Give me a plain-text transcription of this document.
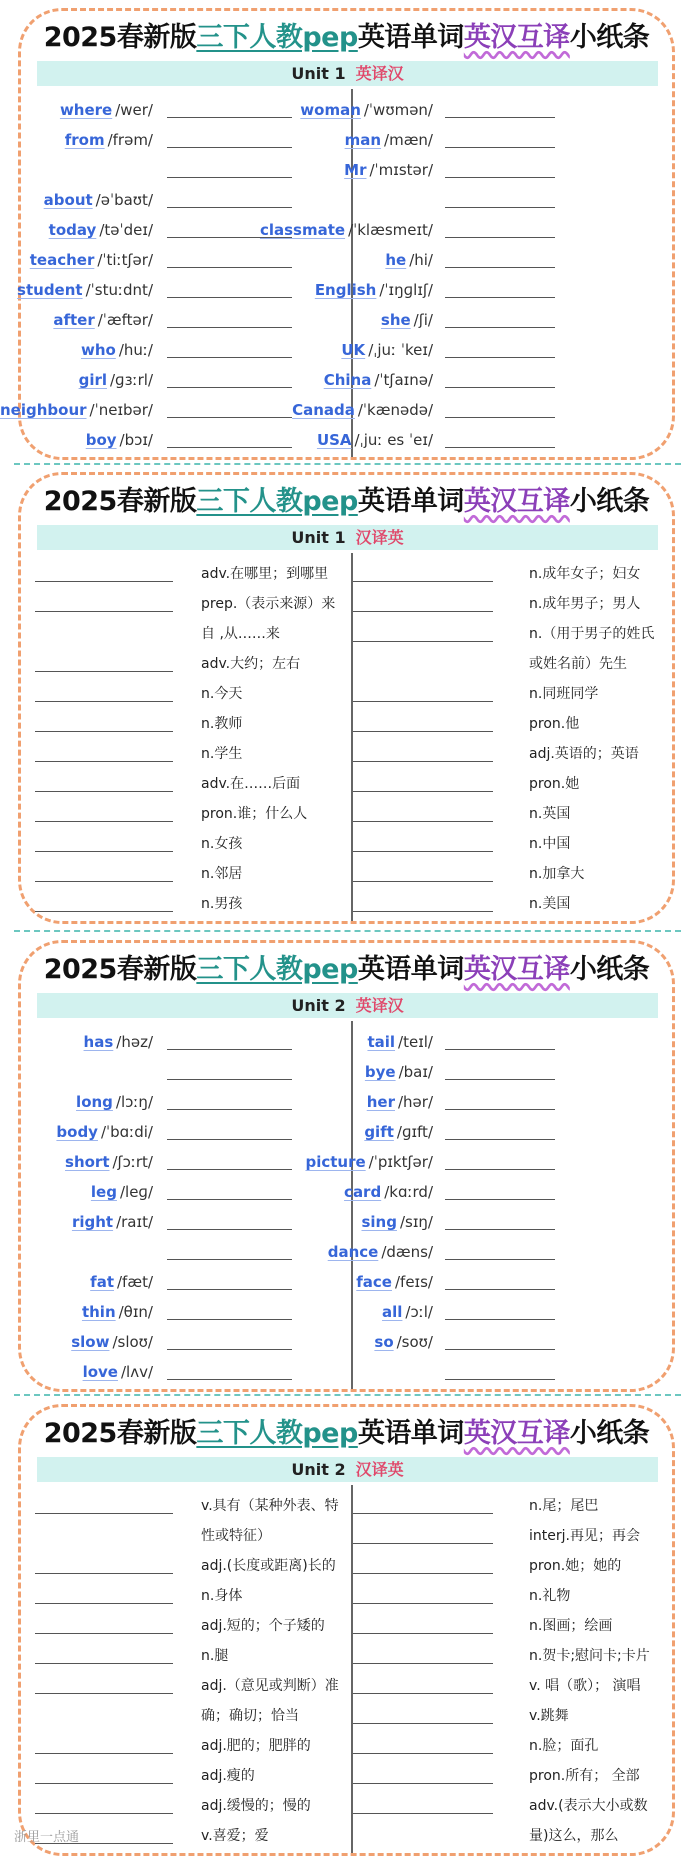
2025春新版三下人教pep英语单词英汉互译小纸条
Unit 1 英译汉
where /wer/
from /frəm/
about /əˈbaʊt/
today /təˈdeɪ/
teacher /ˈtiːtʃər/
student /ˈstuːdnt/
after /ˈæftər/
who /huː/
girl /ɡɜːrl/
neighbour /ˈneɪbər/
boy /bɔɪ/
woman /ˈwʊmən/
man /mæn/
Mr /ˈmɪstər/
classmate /ˈklæsmeɪt/
he /hi/
English /ˈɪŋɡlɪʃ/
she /ʃi/
UK /ˌjuː ˈkeɪ/
China /ˈtʃaɪnə/
Canada /ˈkænədə/
USA /ˌjuː es ˈeɪ/
2025春新版三下人教pep英语单词英汉互译小纸条
Unit 1 汉译英
adv.在哪里；到哪里
prep.（表示来源）来
自 ,从……来
adv.大约；左右
n.今天
n.教师
n.学生
adv.在……后面
pron.谁；什么人
n.女孩
n.邻居
n.男孩
n.成年女子；妇女
n.成年男子；男人
n.（用于男子的姓氏
或姓名前）先生
n.同班同学
pron.他
adj.英语的；英语
pron.她
n.英国
n.中国
n.加拿大
n.美国
2025春新版三下人教pep英语单词英汉互译小纸条
Unit 2 英译汉
has /həz/
long /lɔːŋ/
body /ˈbɑːdi/
short /ʃɔːrt/
leg /leɡ/
right /raɪt/
fat /fæt/
thin /θɪn/
slow /sloʊ/
love /lʌv/
tail /teɪl/
bye /baɪ/
her /hər/
gift /ɡɪft/
picture /ˈpɪktʃər/
card /kɑːrd/
sing /sɪŋ/
dance /dæns/
face /feɪs/
all /ɔːl/
so /soʊ/
2025春新版三下人教pep英语单词英汉互译小纸条
Unit 2 汉译英
v.具有（某种外表、特
性或特征）
adj.(长度或距离)长的
n.身体
adj.短的；个子矮的
n.腿
adj.（意见或判断）准
确；确切；恰当
adj.肥的；肥胖的
adj.瘦的
adj.缓慢的；慢的
v.喜爱；爱
n.尾；尾巴
interj.再见；再会
pron.她；她的
n.礼物
n.图画；绘画
n.贺卡;慰问卡;卡片
v. 唱（歌）； 演唱
v.跳舞
n.脸；面孔
pron.所有； 全部
adv.(表示大小或数
量)这么，那么
浙里一点通
